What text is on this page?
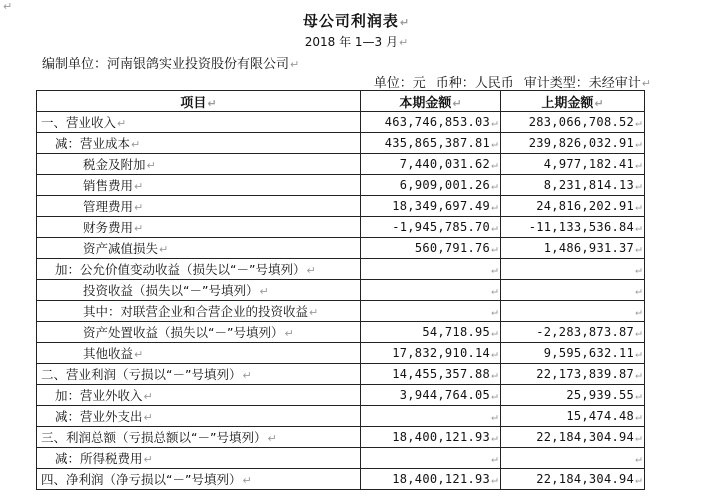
↵
母公司利润表↵
2018 年 1—3 月↵
编制单位：河南银鸽实业投资股份有限公司↵
单位：元 币种：人民币 审计类型：未经审计↵
项目↵	本期金额↵	上期金额↵
一、营业收入↵	463,746,853.03↵	283,066,708.52↵
减：营业成本↵	435,865,387.81↵	239,826,032.91↵
税金及附加↵	7,440,031.62↵	4,977,182.41↵
销售费用↵	6,909,001.26↵	8,231,814.13↵
管理费用↵	18,349,697.49↵	24,816,202.91↵
财务费用↵	-1,945,785.70↵	-11,133,536.84↵
资产减值损失↵	560,791.76↵	1,486,931.37↵
加：公允价值变动收益（损失以“－”号填列）↵	↵	↵
投资收益（损失以“－”号填列）↵	↵	↵
其中：对联营企业和合营企业的投资收益↵	↵	↵
资产处置收益（损失以“－”号填列）↵	54,718.95↵	-2,283,873.87↵
其他收益↵	17,832,910.14↵	9,595,632.11↵
二、营业利润（亏损以“－”号填列）↵	14,455,357.88↵	22,173,839.87↵
加：营业外收入↵	3,944,764.05↵	25,939.55↵
减：营业外支出↵	↵	15,474.48↵
三、利润总额（亏损总额以“－”号填列）↵	18,400,121.93↵	22,184,304.94↵
减：所得税费用↵	↵	↵
四、净利润（净亏损以“－”号填列）↵	18,400,121.93↵	22,184,304.94↵
